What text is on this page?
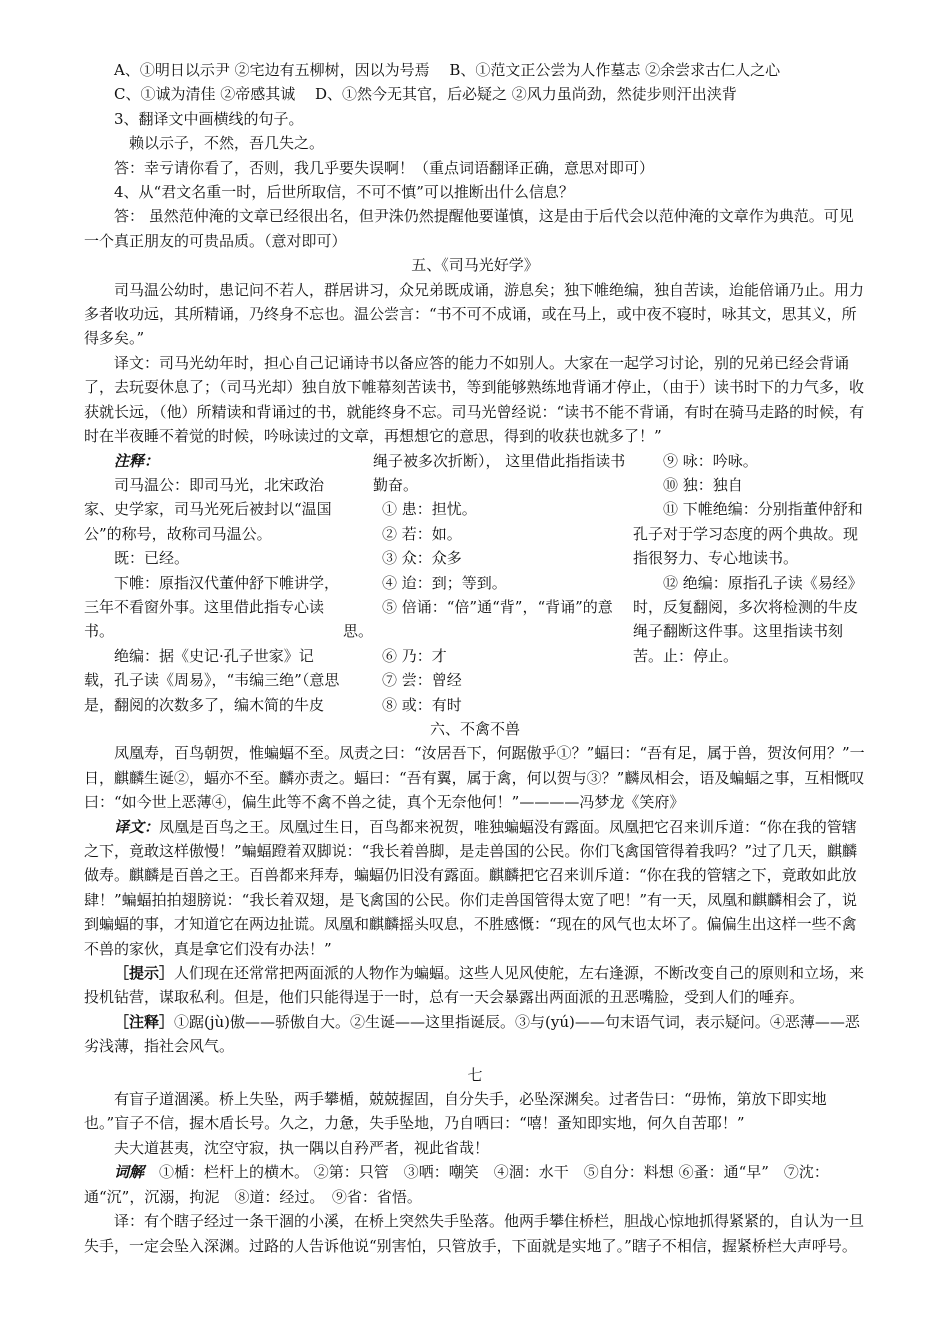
A、①明日以示尹 ②宅边有五柳树，因以为号焉　 B、①范文正公尝为人作墓志 ②余尝求古仁人之心

C、①诚为清佳 ②帝感其诚　 D、①然今无其官，后必疑之 ②风力虽尚劲，然徒步则汗出浃背

3、翻译文中画横线的句子。

赖以示子，不然，吾几失之。

答：幸亏请你看了，否则，我几乎要失误啊！（重点词语翻译正确，意思对即可）

4、从“君文名重一时，后世所取信，不可不慎”可以推断出什么信息？

答： 虽然范仲淹的文章已经很出名，但尹洙仍然提醒他要谨慎，这是由于后代会以范仲淹的文章作为典范。可见一个真正朋友的可贵品质。（意对即可）

五、《司马光好学》

司马温公幼时，患记问不若人，群居讲习，众兄弟既成诵，游息矣；独下帷绝编，独自苦读，迨能倍诵乃止。用力多者收功远，其所精诵，乃终身不忘也。温公尝言：“书不可不成诵，或在马上，或中夜不寝时，咏其文，思其义，所得多矣。”

译文：司马光幼年时，担心自己记诵诗书以备应答的能力不如别人。大家在一起学习讨论，别的兄弟已经会背诵了，去玩耍休息了；（司马光却）独自放下帷幕刻苦读书，等到能够熟练地背诵才停止，（由于）读书时下的力气多，收获就长远，（他）所精读和背诵过的书，就能终身不忘。司马光曾经说：“读书不能不背诵，有时在骑马走路的时候，有时在半夜睡不着觉的时候，吟咏读过的文章，再想想它的意思，得到的收获也就多了！”

注释：

司马温公：即司马光，北宋政治家、史学家，司马光死后被封以“温国公”的称号，故称司马温公。

既：已经。

下帷：原指汉代董仲舒下帷讲学，三年不看窗外事。这里借此指专心读书。

绝编：据《史记·孔子世家》记载，孔子读《周易》，“韦编三绝”（意思是，翻阅的次数多了，编木简的牛皮

绳子被多次折断）， 这里借此指指读书勤奋。

① 患：担忧。

② 若：如。

③ 众：众多

④ 迨：到；等到。

⑤ 倍诵：“倍”通“背”，“背诵”的意思。

⑥ 乃：才

⑦ 尝：曾经

⑧ 或：有时

⑨ 咏：吟咏。

⑩ 独：独自

⑪ 下帷绝编：分别指董仲舒和孔子对于学习态度的两个典故。现指很努力、专心地读书。

⑫ 绝编：原指孔子读《易经》时，反复翻阅，多次将检测的牛皮绳子翻断这件事。这里指读书刻苦。止：停止。

六、不禽不兽

凤凰寿，百鸟朝贺，惟蝙蝠不至。凤责之曰：“汝居吾下，何踞傲乎①？”蝠曰：“吾有足，属于兽，贺汝何用？”一日，麒麟生诞②，蝠亦不至。麟亦责之。蝠曰：“吾有翼，属于禽，何以贺与③？”麟凤相会，语及蝙蝠之事，互相慨叹曰：“如今世上恶薄④，偏生此等不禽不兽之徒，真个无奈他何！”————冯梦龙《笑府》

译文：凤凰是百鸟之王。凤凰过生日，百鸟都来祝贺，唯独蝙蝠没有露面。凤凰把它召来训斥道：“你在我的管辖之下，竟敢这样傲慢！”蝙蝠蹬着双脚说：“我长着兽脚，是走兽国的公民。你们飞禽国管得着我吗？”过了几天，麒麟做寿。麒麟是百兽之王。百兽都来拜寿，蝙蝠仍旧没有露面。麒麟把它召来训斥道：“你在我的管辖之下，竟敢如此放肆！”蝙蝠拍拍翅膀说：“我长着双翅，是飞禽国的公民。你们走兽国管得太宽了吧！”有一天，凤凰和麒麟相会了，说到蝙蝠的事，才知道它在两边扯谎。凤凰和麒麟摇头叹息，不胜感慨：“现在的风气也太坏了。偏偏生出这样一些不禽不兽的家伙，真是拿它们没有办法！”

［提示］人们现在还常常把两面派的人物作为蝙蝠。这些人见风使舵，左右逢源，不断改变自己的原则和立场，来投机钻营，谋取私利。但是，他们只能得逞于一时，总有一天会暴露出两面派的丑恶嘴脸，受到人们的唾弃。

［注释］①踞(jù)傲——骄傲自大。②生诞——这里指诞辰。③与(yú)——句末语气词，表示疑问。④恶薄——恶劣浅薄，指社会风气。

七

有盲子道涸溪。桥上失坠，两手攀楯，兢兢握固，自分失手，必坠深渊矣。过者告曰：“毋怖，第放下即实地也。”盲子不信，握木盾长号。久之，力惫，失手坠地，乃自哂曰：“嘻！蚤知即实地，何久自苦耶！”

夫大道甚夷，沈空守寂，执一隅以自矜严者，视此省哉！

词解　 ①楯：栏杆上的横木。 ②第：只管　③哂：嘲笑　④涸：水干　⑤自分：料想 ⑥蚤：通“早”　⑦沈：通“沉”，沉溺，拘泥　⑧道：经过。　⑨省：省悟。

译：有个瞎子经过一条干涸的小溪，在桥上突然失手坠落。他两手攀住桥栏，胆战心惊地抓得紧紧的，自认为一旦失手，一定会坠入深渊。过路的人告诉他说“别害怕，只管放手，下面就是实地了。”瞎子不相信，握紧桥栏大声呼号。
